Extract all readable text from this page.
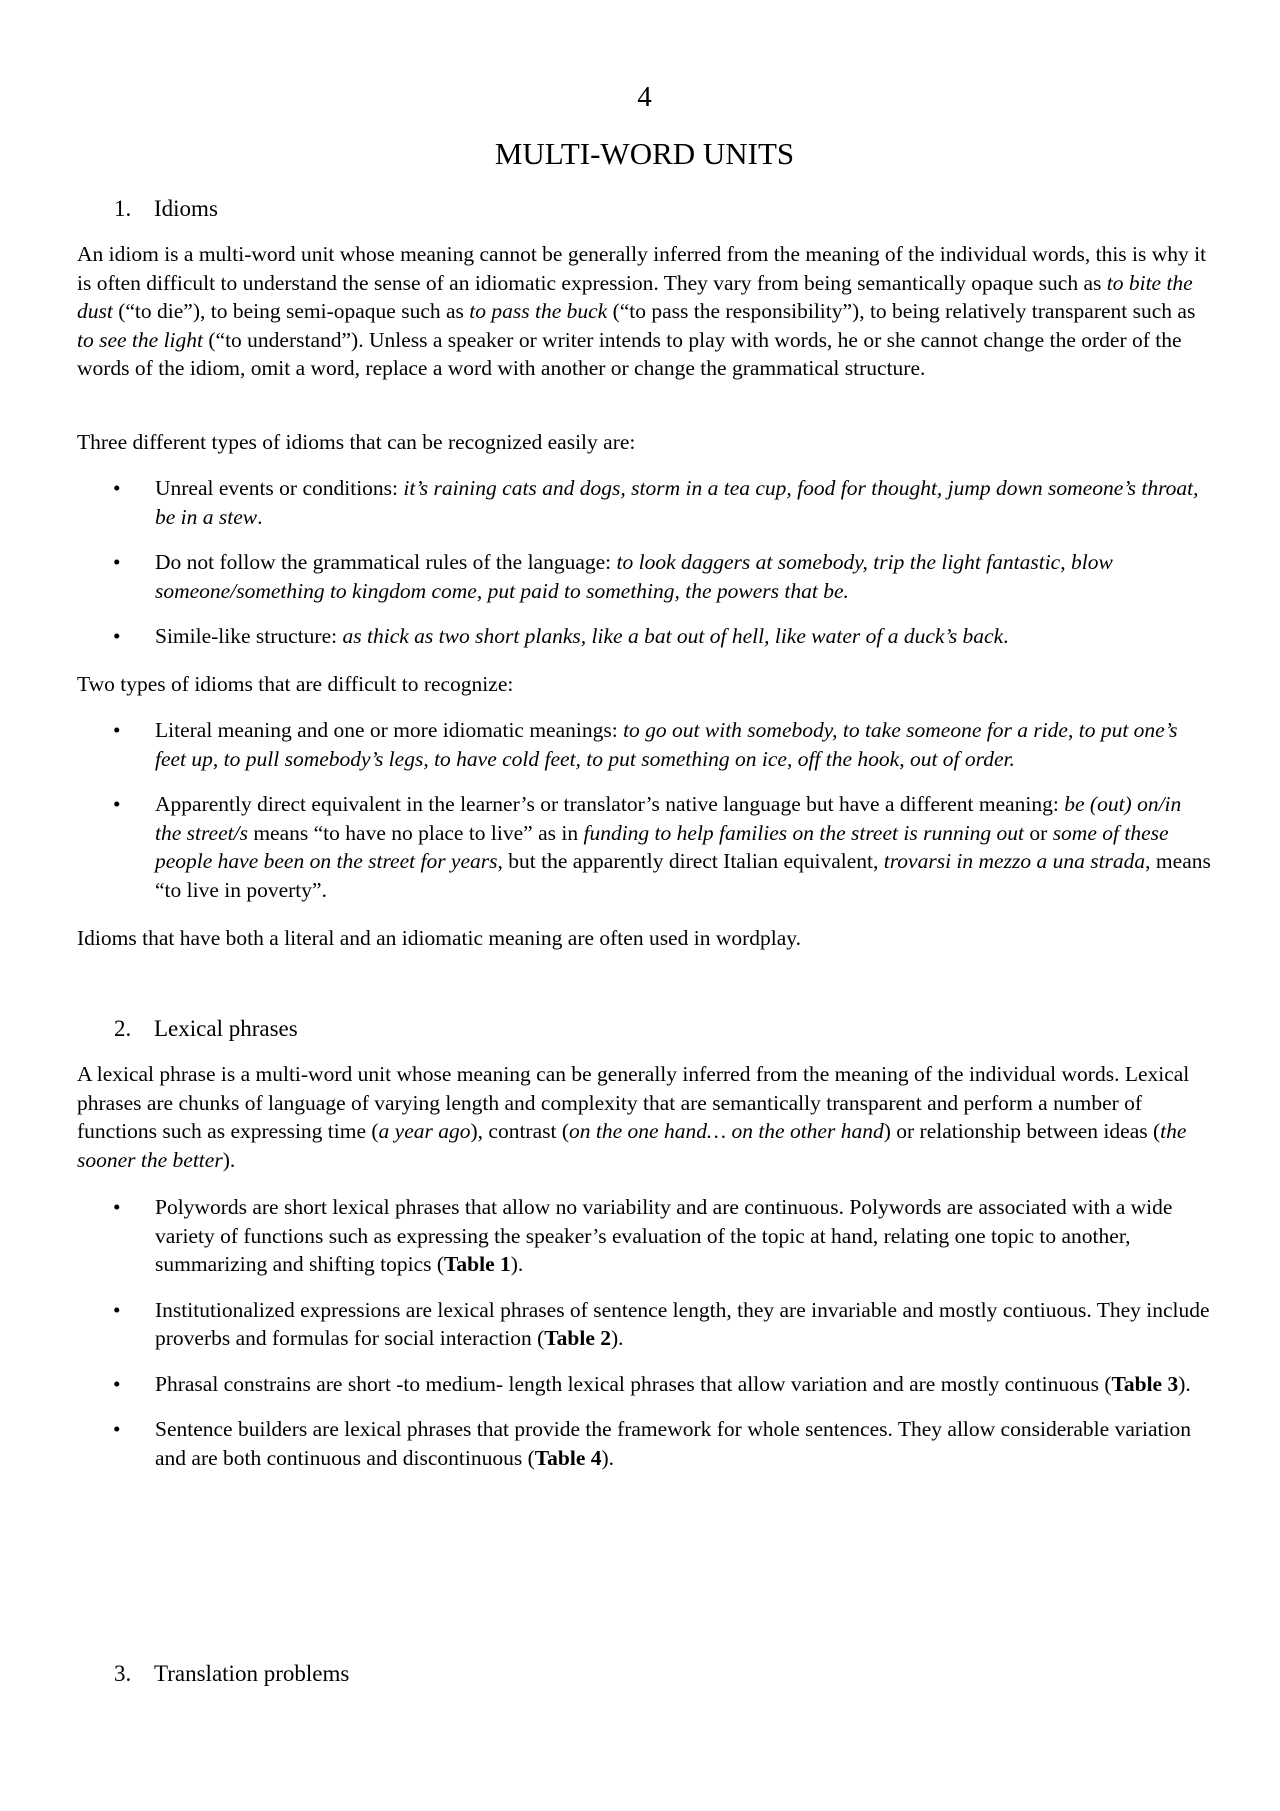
4
MULTI-WORD UNITS
1. Idioms

An idiom is a multi-word unit whose meaning cannot be generally inferred from the meaning of the individual words, this is why it is often difficult to understand the sense of an idiomatic expression. They vary from being semantically opaque such as to bite the dust (“to die”), to being semi-opaque such as to pass the buck (“to pass the responsibility”), to being relatively transparent such as to see the light (“to understand”). Unless a speaker or writer intends to play with words, he or she cannot change the order of the words of the idiom, omit a word, replace a word with another or change the grammatical structure.

Three different types of idioms that can be recognized easily are:

• Unreal events or conditions: it’s raining cats and dogs, storm in a tea cup, food for thought, jump down someone’s throat, be in a stew.
• Do not follow the grammatical rules of the language: to look daggers at somebody, trip the light fantastic, blow someone/something to kingdom come, put paid to something, the powers that be.
• Simile-like structure: as thick as two short planks, like a bat out of hell, like water of a duck’s back.

Two types of idioms that are difficult to recognize:

• Literal meaning and one or more idiomatic meanings: to go out with somebody, to take someone for a ride, to put one’s feet up, to pull somebody’s legs, to have cold feet, to put something on ice, off the hook, out of order.
• Apparently direct equivalent in the learner’s or translator’s native language but have a different meaning: be (out) on/in the street/s means “to have no place to live” as in funding to help families on the street is running out or some of these people have been on the street for years, but the apparently direct Italian equivalent, trovarsi in mezzo a una strada, means “to live in poverty”.

Idioms that have both a literal and an idiomatic meaning are often used in wordplay.

2. Lexical phrases

A lexical phrase is a multi-word unit whose meaning can be generally inferred from the meaning of the individual words. Lexical phrases are chunks of language of varying length and complexity that are semantically transparent and perform a number of functions such as expressing time (a year ago), contrast (on the one hand… on the other hand) or relationship between ideas (the sooner the better).

• Polywords are short lexical phrases that allow no variability and are continuous. Polywords are associated with a wide variety of functions such as expressing the speaker’s evaluation of the topic at hand, relating one topic to another, summarizing and shifting topics (Table 1).
• Institutionalized expressions are lexical phrases of sentence length, they are invariable and mostly contiuous. They include proverbs and formulas for social interaction (Table 2).
• Phrasal constrains are short -to medium- length lexical phrases that allow variation and are mostly continuous (Table 3).
• Sentence builders are lexical phrases that provide the framework for whole sentences. They allow considerable variation and are both continuous and discontinuous (Table 4).
3. Translation problems
